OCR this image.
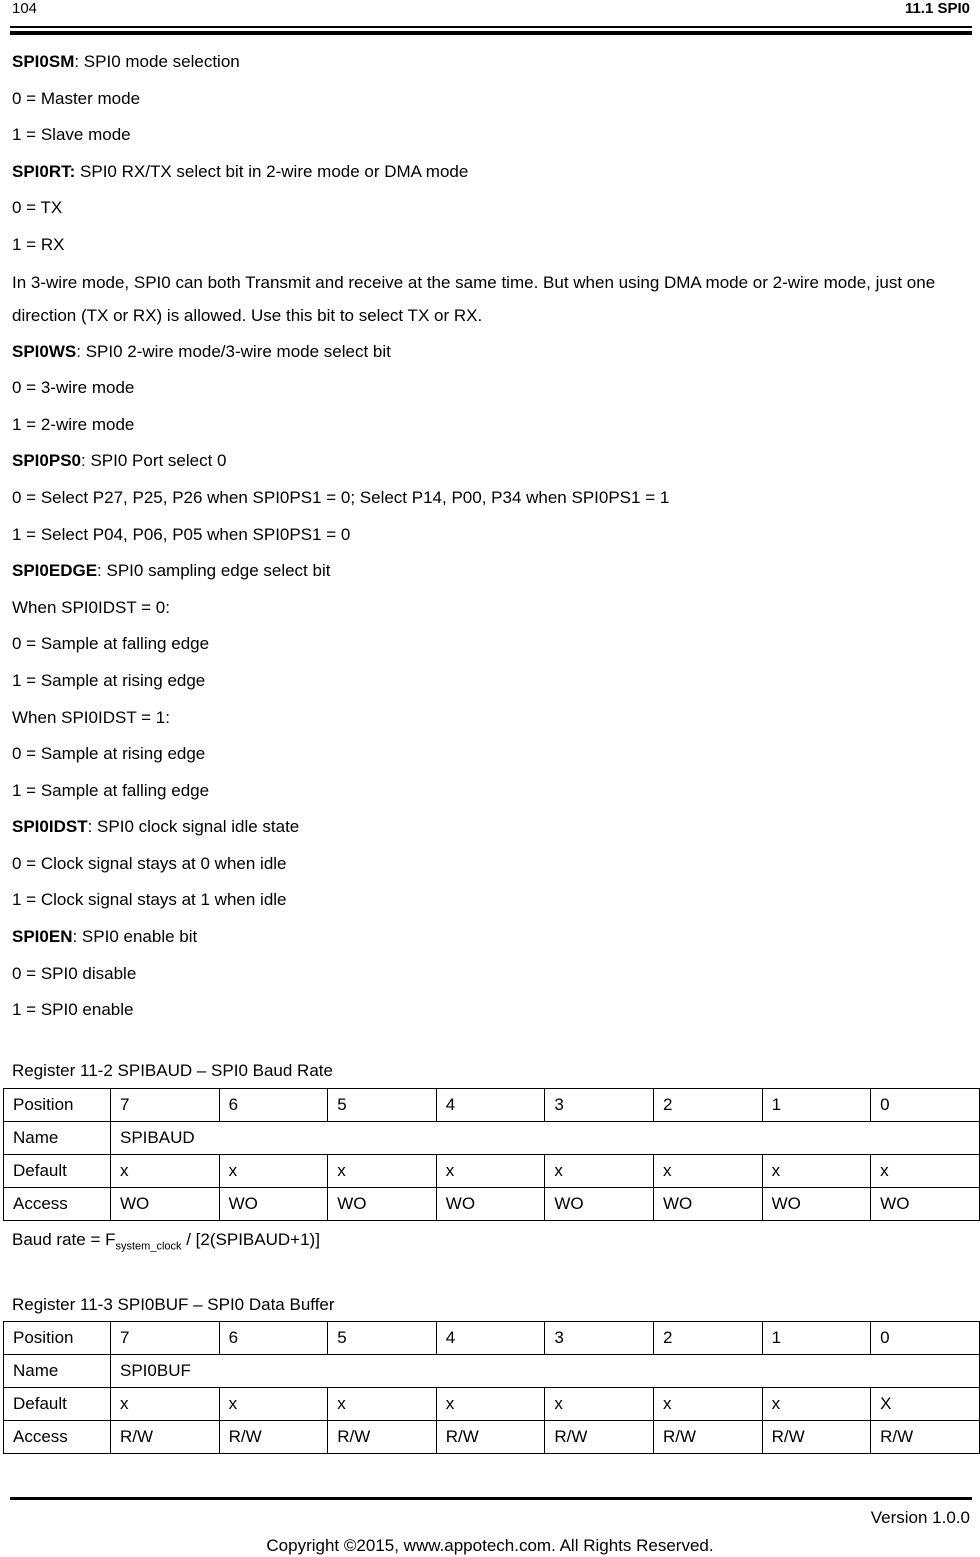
104	11.1 SPI0
SPI0SM: SPI0 mode selection
0 = Master mode
1 = Slave mode
SPI0RT: SPI0 RX/TX select bit in 2-wire mode or DMA mode
0 = TX
1 = RX
In 3-wire mode, SPI0 can both Transmit and receive at the same time. But when using DMA mode or 2-wire mode, just one direction (TX or RX) is allowed. Use this bit to select TX or RX.
SPI0WS: SPI0 2-wire mode/3-wire mode select bit
0 = 3-wire mode
1 = 2-wire mode
SPI0PS0: SPI0 Port select 0
0 = Select P27, P25, P26 when SPI0PS1 = 0; Select P14, P00, P34 when SPI0PS1 = 1
1 = Select P04, P06, P05 when SPI0PS1 = 0
SPI0EDGE: SPI0 sampling edge select bit
When SPI0IDST = 0:
0 = Sample at falling edge
1 = Sample at rising edge
When SPI0IDST = 1:
0 = Sample at rising edge
1 = Sample at falling edge
SPI0IDST: SPI0 clock signal idle state
0 = Clock signal stays at 0 when idle
1 = Clock signal stays at 1 when idle
SPI0EN: SPI0 enable bit
0 = SPI0 disable
1 = SPI0 enable
Register 11-2 SPIBAUD – SPI0 Baud Rate
Position	7	6	5	4	3	2	1	0
Name	SPIBAUD							
Default	x	x	x	x	x	x	x	x
Access	WO	WO	WO	WO	WO	WO	WO	WO
Baud rate = $F_{system\_clock}$ / [2(SPIBAUD+1)]
Register 11-3 SPI0BUF – SPI0 Data Buffer
Position	7	6	5	4	3	2	1	0
Name	SPI0BUF							
Default	x	x	x	x	x	x	x	X
Access	R/W	R/W	R/W	R/W	R/W	R/W	R/W	R/W
Version 1.0.0
Copyright ©2015, www.appotech.com. All Rights Reserved.
